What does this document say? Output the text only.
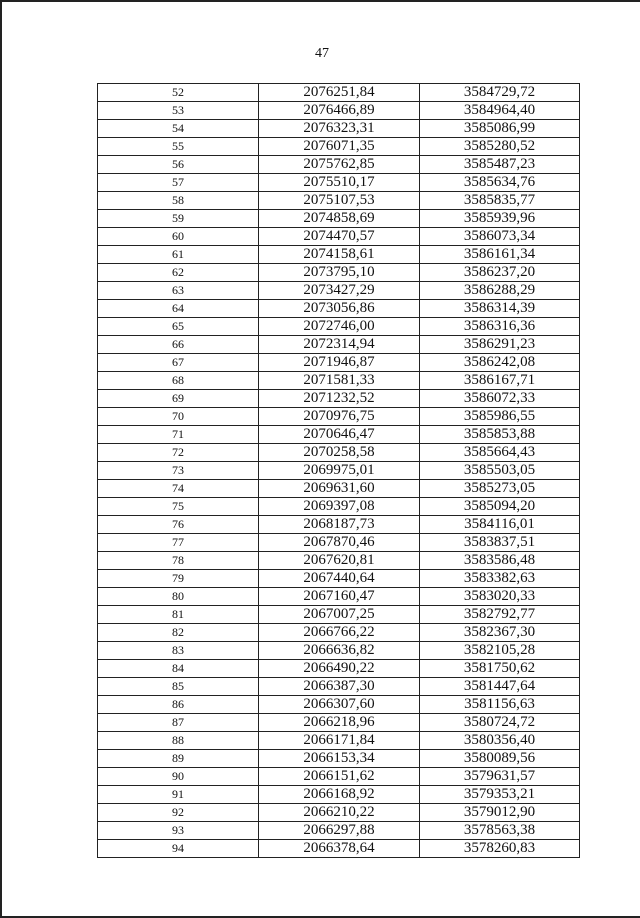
47
52	2076251,84	3584729,72
53	2076466,89	3584964,40
54	2076323,31	3585086,99
55	2076071,35	3585280,52
56	2075762,85	3585487,23
57	2075510,17	3585634,76
58	2075107,53	3585835,77
59	2074858,69	3585939,96
60	2074470,57	3586073,34
61	2074158,61	3586161,34
62	2073795,10	3586237,20
63	2073427,29	3586288,29
64	2073056,86	3586314,39
65	2072746,00	3586316,36
66	2072314,94	3586291,23
67	2071946,87	3586242,08
68	2071581,33	3586167,71
69	2071232,52	3586072,33
70	2070976,75	3585986,55
71	2070646,47	3585853,88
72	2070258,58	3585664,43
73	2069975,01	3585503,05
74	2069631,60	3585273,05
75	2069397,08	3585094,20
76	2068187,73	3584116,01
77	2067870,46	3583837,51
78	2067620,81	3583586,48
79	2067440,64	3583382,63
80	2067160,47	3583020,33
81	2067007,25	3582792,77
82	2066766,22	3582367,30
83	2066636,82	3582105,28
84	2066490,22	3581750,62
85	2066387,30	3581447,64
86	2066307,60	3581156,63
87	2066218,96	3580724,72
88	2066171,84	3580356,40
89	2066153,34	3580089,56
90	2066151,62	3579631,57
91	2066168,92	3579353,21
92	2066210,22	3579012,90
93	2066297,88	3578563,38
94	2066378,64	3578260,83
